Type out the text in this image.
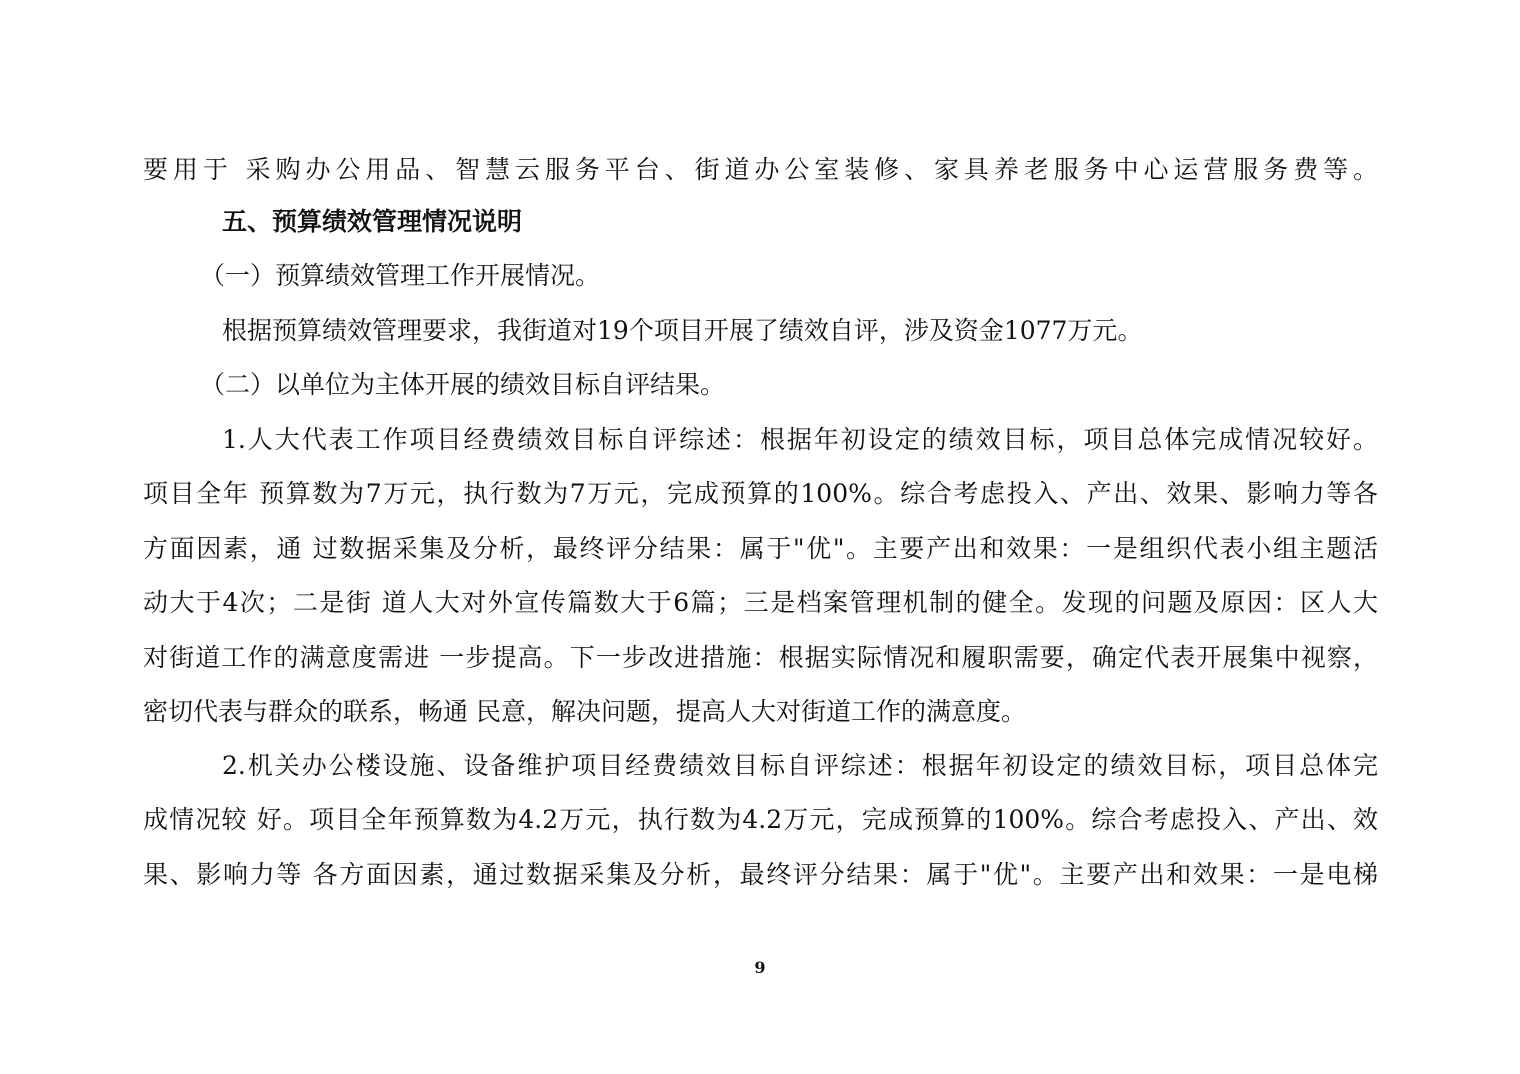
要用于 采购办公用品、智慧云服务平台、街道办公室装修、家具养老服务中心运营服务费等。
五、预算绩效管理情况说明
（一）预算绩效管理工作开展情况。
根据预算绩效管理要求，我街道对19个项目开展了绩效自评，涉及资金1077万元。
（二）以单位为主体开展的绩效目标自评结果。
1.人大代表工作项目经费绩效目标自评综述：根据年初设定的绩效目标，项目总体完成情况较好。
项目全年 预算数为7万元，执行数为7万元，完成预算的100%。综合考虑投入、产出、效果、影响力等各
方面因素，通 过数据采集及分析，最终评分结果：属于"优"。主要产出和效果：一是组织代表小组主题活
动大于4次；二是街 道人大对外宣传篇数大于6篇；三是档案管理机制的健全。发现的问题及原因：区人大
对街道工作的满意度需进 一步提高。下一步改进措施：根据实际情况和履职需要，确定代表开展集中视察，
密切代表与群众的联系，畅通 民意，解决问题，提高人大对街道工作的满意度。
2.机关办公楼设施、设备维护项目经费绩效目标自评综述：根据年初设定的绩效目标，项目总体完
成情况较 好。项目全年预算数为4.2万元，执行数为4.2万元，完成预算的100%。综合考虑投入、产出、效
果、影响力等 各方面因素，通过数据采集及分析，最终评分结果：属于"优"。主要产出和效果：一是电梯
9
